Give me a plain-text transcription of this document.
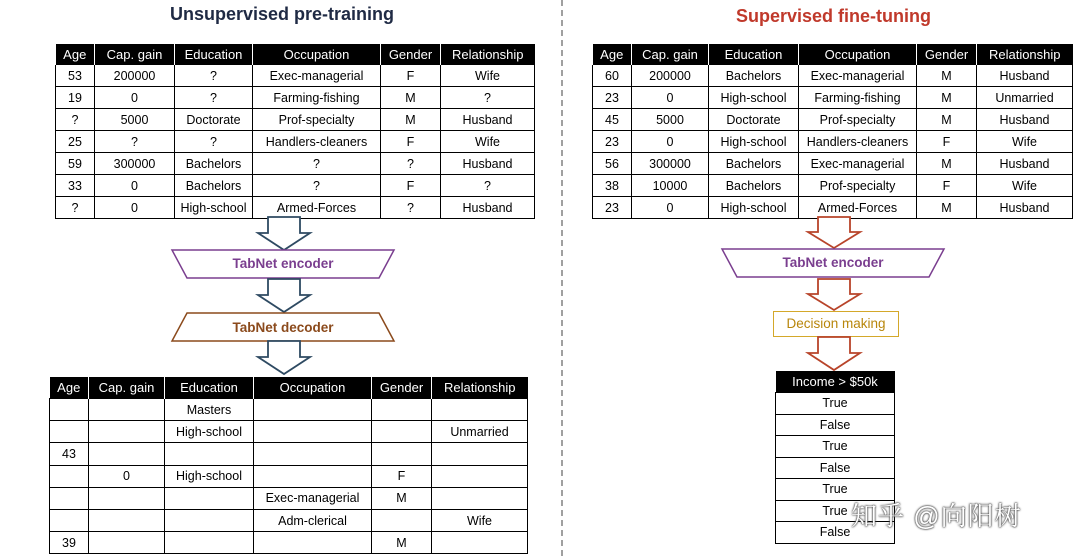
Unsupervised pre-training	Supervised fine-tuning
Age	Cap. gain	Education	Occupation	Gender	Relationship
53	200000	?	Exec-managerial	F	Wife
19	0	?	Farming-fishing	M	?
?	5000	Doctorate	Prof-specialty	M	Husband
25	?	?	Handlers-cleaners	F	Wife
59	300000	Bachelors	?	?	Husband
33	0	Bachelors	?	F	?
?	0	High-school	Armed-Forces	?	Husband
TabNet encoder
TabNet decoder
Age	Cap. gain	Education	Occupation	Gender	Relationship
		Masters			
		High-school			Unmarried
43					
	0	High-school		F	
			Exec-managerial	M	
			Adm-clerical		Wife
39				M	
Age	Cap. gain	Education	Occupation	Gender	Relationship
60	200000	Bachelors	Exec-managerial	M	Husband
23	0	High-school	Farming-fishing	M	Unmarried
45	5000	Doctorate	Prof-specialty	M	Husband
23	0	High-school	Handlers-cleaners	F	Wife
56	300000	Bachelors	Exec-managerial	M	Husband
38	10000	Bachelors	Prof-specialty	F	Wife
23	0	High-school	Armed-Forces	M	Husband
TabNet encoder
Decision making
Income > $50k
True
False
True
False
True
True
False
知乎 @向阳树
